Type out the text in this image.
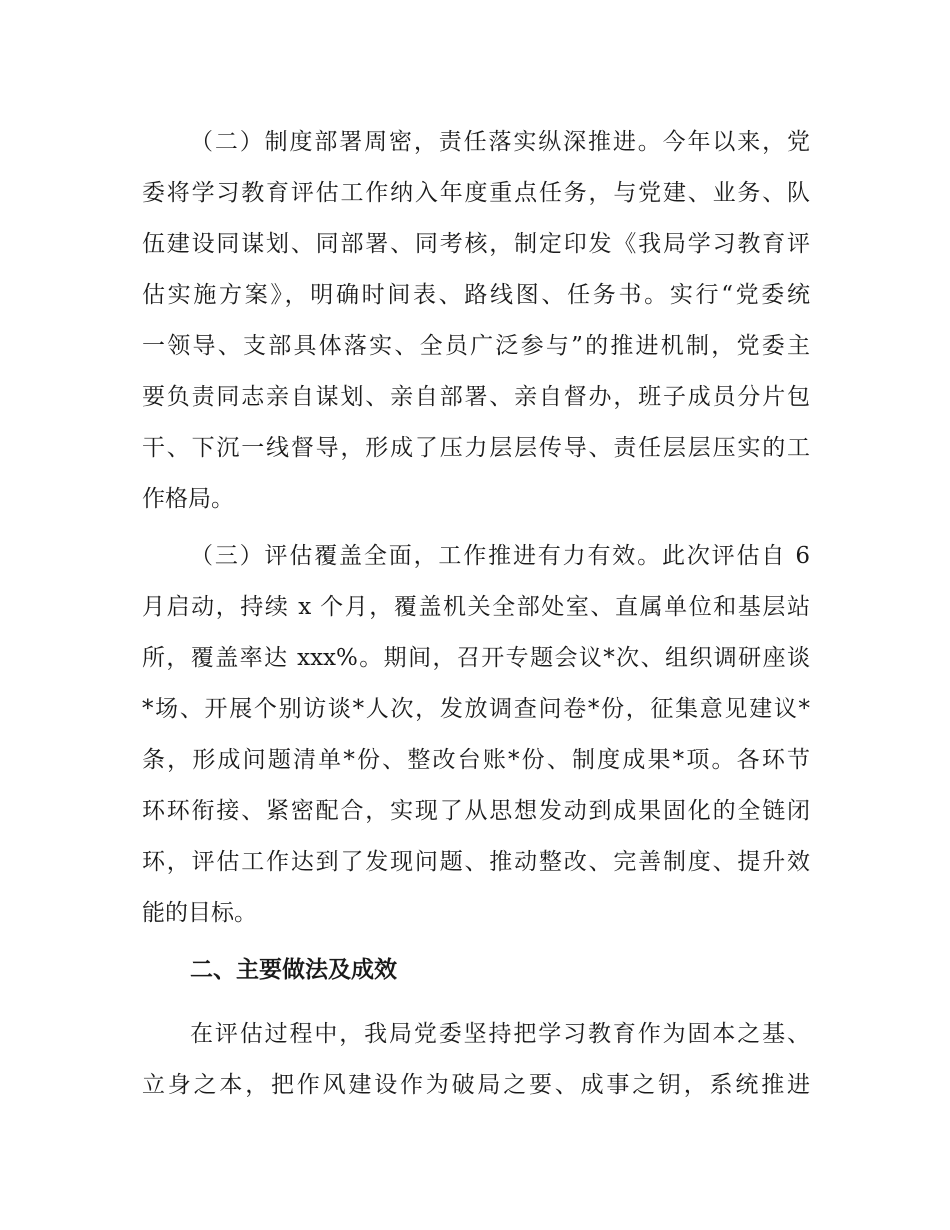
（二）制度部署周密，责任落实纵深推进。今年以来，党
委将学习教育评估工作纳入年度重点任务，与党建、业务、队
伍建设同谋划、同部署、同考核，制定印发《我局学习教育评
估实施方案》，明确时间表、路线图、任务书。实行“党委统
一领导、支部具体落实、全员广泛参与”的推进机制，党委主
要负责同志亲自谋划、亲自部署、亲自督办，班子成员分片包
干、下沉一线督导，形成了压力层层传导、责任层层压实的工
作格局。
（三）评估覆盖全面，工作推进有力有效。此次评估自 6
月启动，持续 x 个月，覆盖机关全部处室、直属单位和基层站
所，覆盖率达 xxx%。期间，召开专题会议*次、组织调研座谈
*场、开展个别访谈*人次，发放调查问卷*份，征集意见建议*
条，形成问题清单*份、整改台账*份、制度成果*项。各环节
环环衔接、紧密配合，实现了从思想发动到成果固化的全链闭
环，评估工作达到了发现问题、推动整改、完善制度、提升效
能的目标。
二、主要做法及成效
在评估过程中，我局党委坚持把学习教育作为固本之基、
立身之本，把作风建设作为破局之要、成事之钥，系统推进
